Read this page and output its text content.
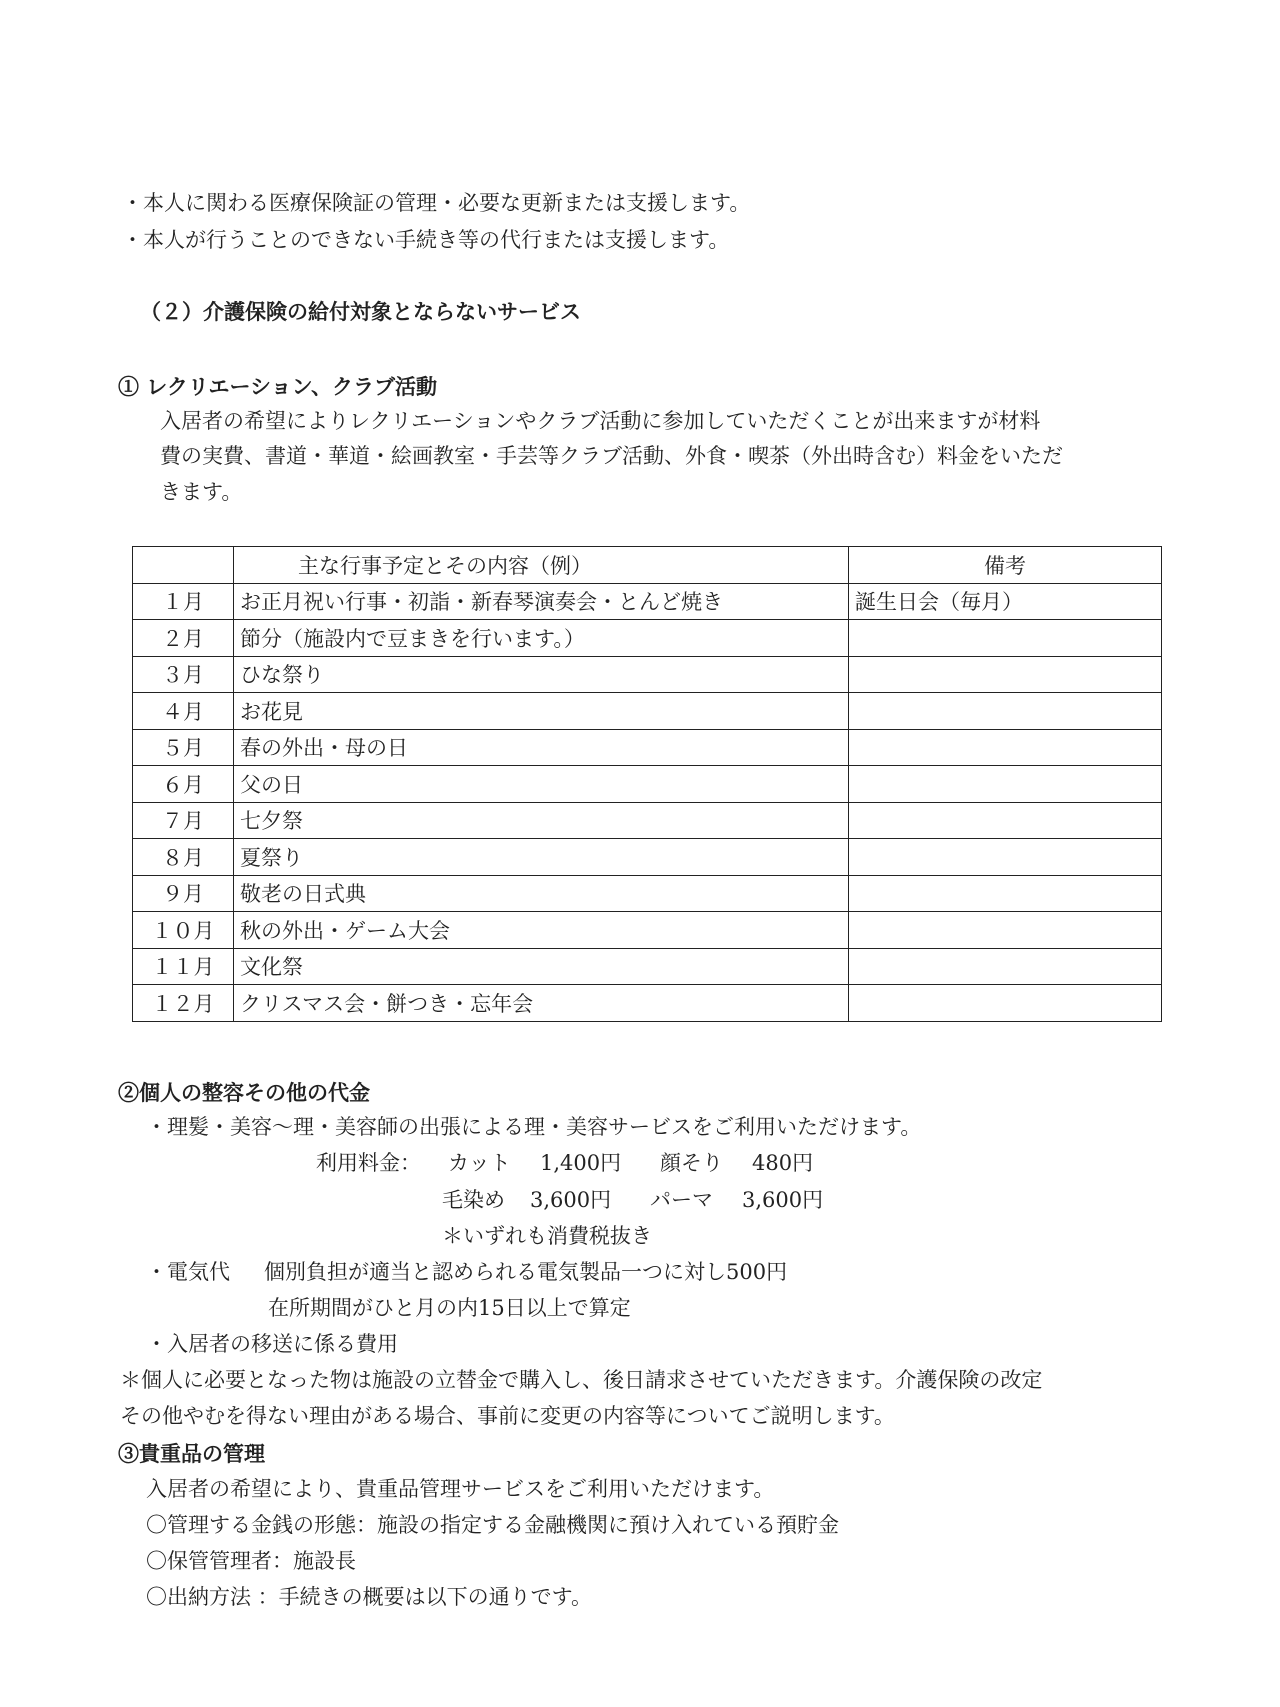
・本人に関わる医療保険証の管理・必要な更新または支援します。
・本人が行うことのできない手続き等の代行または支援します。
（２）介護保険の給付対象とならないサービス
① レクリエーション、クラブ活動
入居者の希望によりレクリエーションやクラブ活動に参加していただくことが出来ますが材料
費の実費、書道・華道・絵画教室・手芸等クラブ活動、外食・喫茶（外出時含む）料金をいただ
きます。
	主な行事予定とその内容（例）	備考
１月	お正月祝い行事・初詣・新春琴演奏会・とんど焼き	誕生日会（毎月）
２月	節分（施設内で豆まきを行います。）	
３月	ひな祭り	
４月	お花見	
５月	春の外出・母の日	
６月	父の日	
７月	七夕祭	
８月	夏祭り	
９月	敬老の日式典	
１０月	秋の外出・ゲーム大会	
１１月	文化祭	
１２月	クリスマス会・餅つき・忘年会	
②個人の整容その他の代金
・理髪・美容～理・美容師の出張による理・美容サービスをご利用いただけます。
利用料金： カット 1,400円 顔そり 480円
毛染め 3,600円 パーマ 3,600円
＊いずれも消費税抜き
・電気代 個別負担が適当と認められる電気製品一つに対し500円
在所期間がひと月の内15日以上で算定
・入居者の移送に係る費用
＊個人に必要となった物は施設の立替金で購入し、後日請求させていただきます。介護保険の改定
その他やむを得ない理由がある場合、事前に変更の内容等についてご説明します。
③貴重品の管理
入居者の希望により、貴重品管理サービスをご利用いただけます。
〇管理する金銭の形態：施設の指定する金融機関に預け入れている預貯金
〇保管管理者：施設長
〇出納方法 ：手続きの概要は以下の通りです。
